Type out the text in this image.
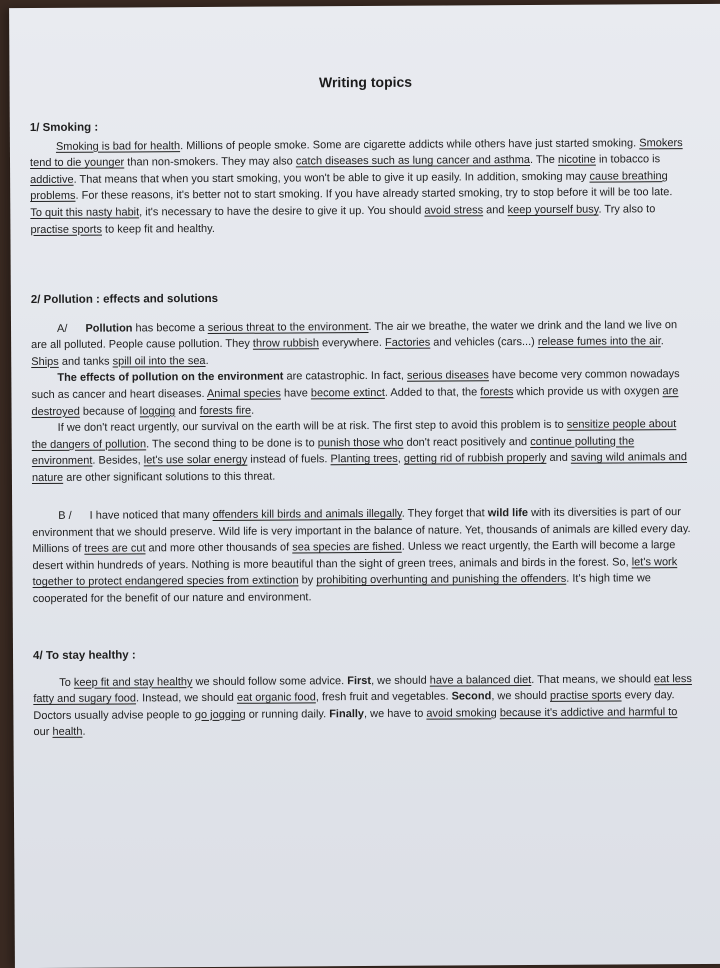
Writing topics
1/ Smoking :

Smoking is bad for health. Millions of people smoke. Some are cigarette addicts while others have just started smoking. Smokers tend to die younger than non-smokers. They may also catch diseases such as lung cancer and asthma. The nicotine in tobacco is addictive. That means that when you start smoking, you won't be able to give it up easily. In addition, smoking may cause breathing problems. For these reasons, it's better not to start smoking. If you have already started smoking, try to stop before it will be too late.

To quit this nasty habit, it's necessary to have the desire to give it up. You should avoid stress and keep yourself busy. Try also to practise sports to keep fit and healthy.

2/ Pollution : effects and solutions

A/ Pollution has become a serious threat to the environment. The air we breathe, the water we drink and the land we live on are all polluted. People cause pollution. They throw rubbish everywhere. Factories and vehicles (cars...) release fumes into the air. Ships and tanks spill oil into the sea.

The effects of pollution on the environment are catastrophic. In fact, serious diseases have become very common nowadays such as cancer and heart diseases. Animal species have become extinct. Added to that, the forests which provide us with oxygen are destroyed because of logging and forests fire.

If we don't react urgently, our survival on the earth will be at risk. The first step to avoid this problem is to sensitize people about the dangers of pollution. The second thing to be done is to punish those who don't react positively and continue polluting the environment. Besides, let's use solar energy instead of fuels. Planting trees, getting rid of rubbish properly and saving wild animals and nature are other significant solutions to this threat.

B / I have noticed that many offenders kill birds and animals illegally. They forget that wild life with its diversities is part of our environment that we should preserve. Wild life is very important in the balance of nature. Yet, thousands of animals are killed every day. Millions of trees are cut and more other thousands of sea species are fished. Unless we react urgently, the Earth will become a large desert within hundreds of years. Nothing is more beautiful than the sight of green trees, animals and birds in the forest. So, let's work together to protect endangered species from extinction by prohibiting overhunting and punishing the offenders. It's high time we cooperated for the benefit of our nature and environment.

4/ To stay healthy :

To keep fit and stay healthy we should follow some advice. First, we should have a balanced diet. That means, we should eat less fatty and sugary food. Instead, we should eat organic food, fresh fruit and vegetables. Second, we should practise sports every day. Doctors usually advise people to go jogging or running daily. Finally, we have to avoid smoking because it's addictive and harmful to our health.
